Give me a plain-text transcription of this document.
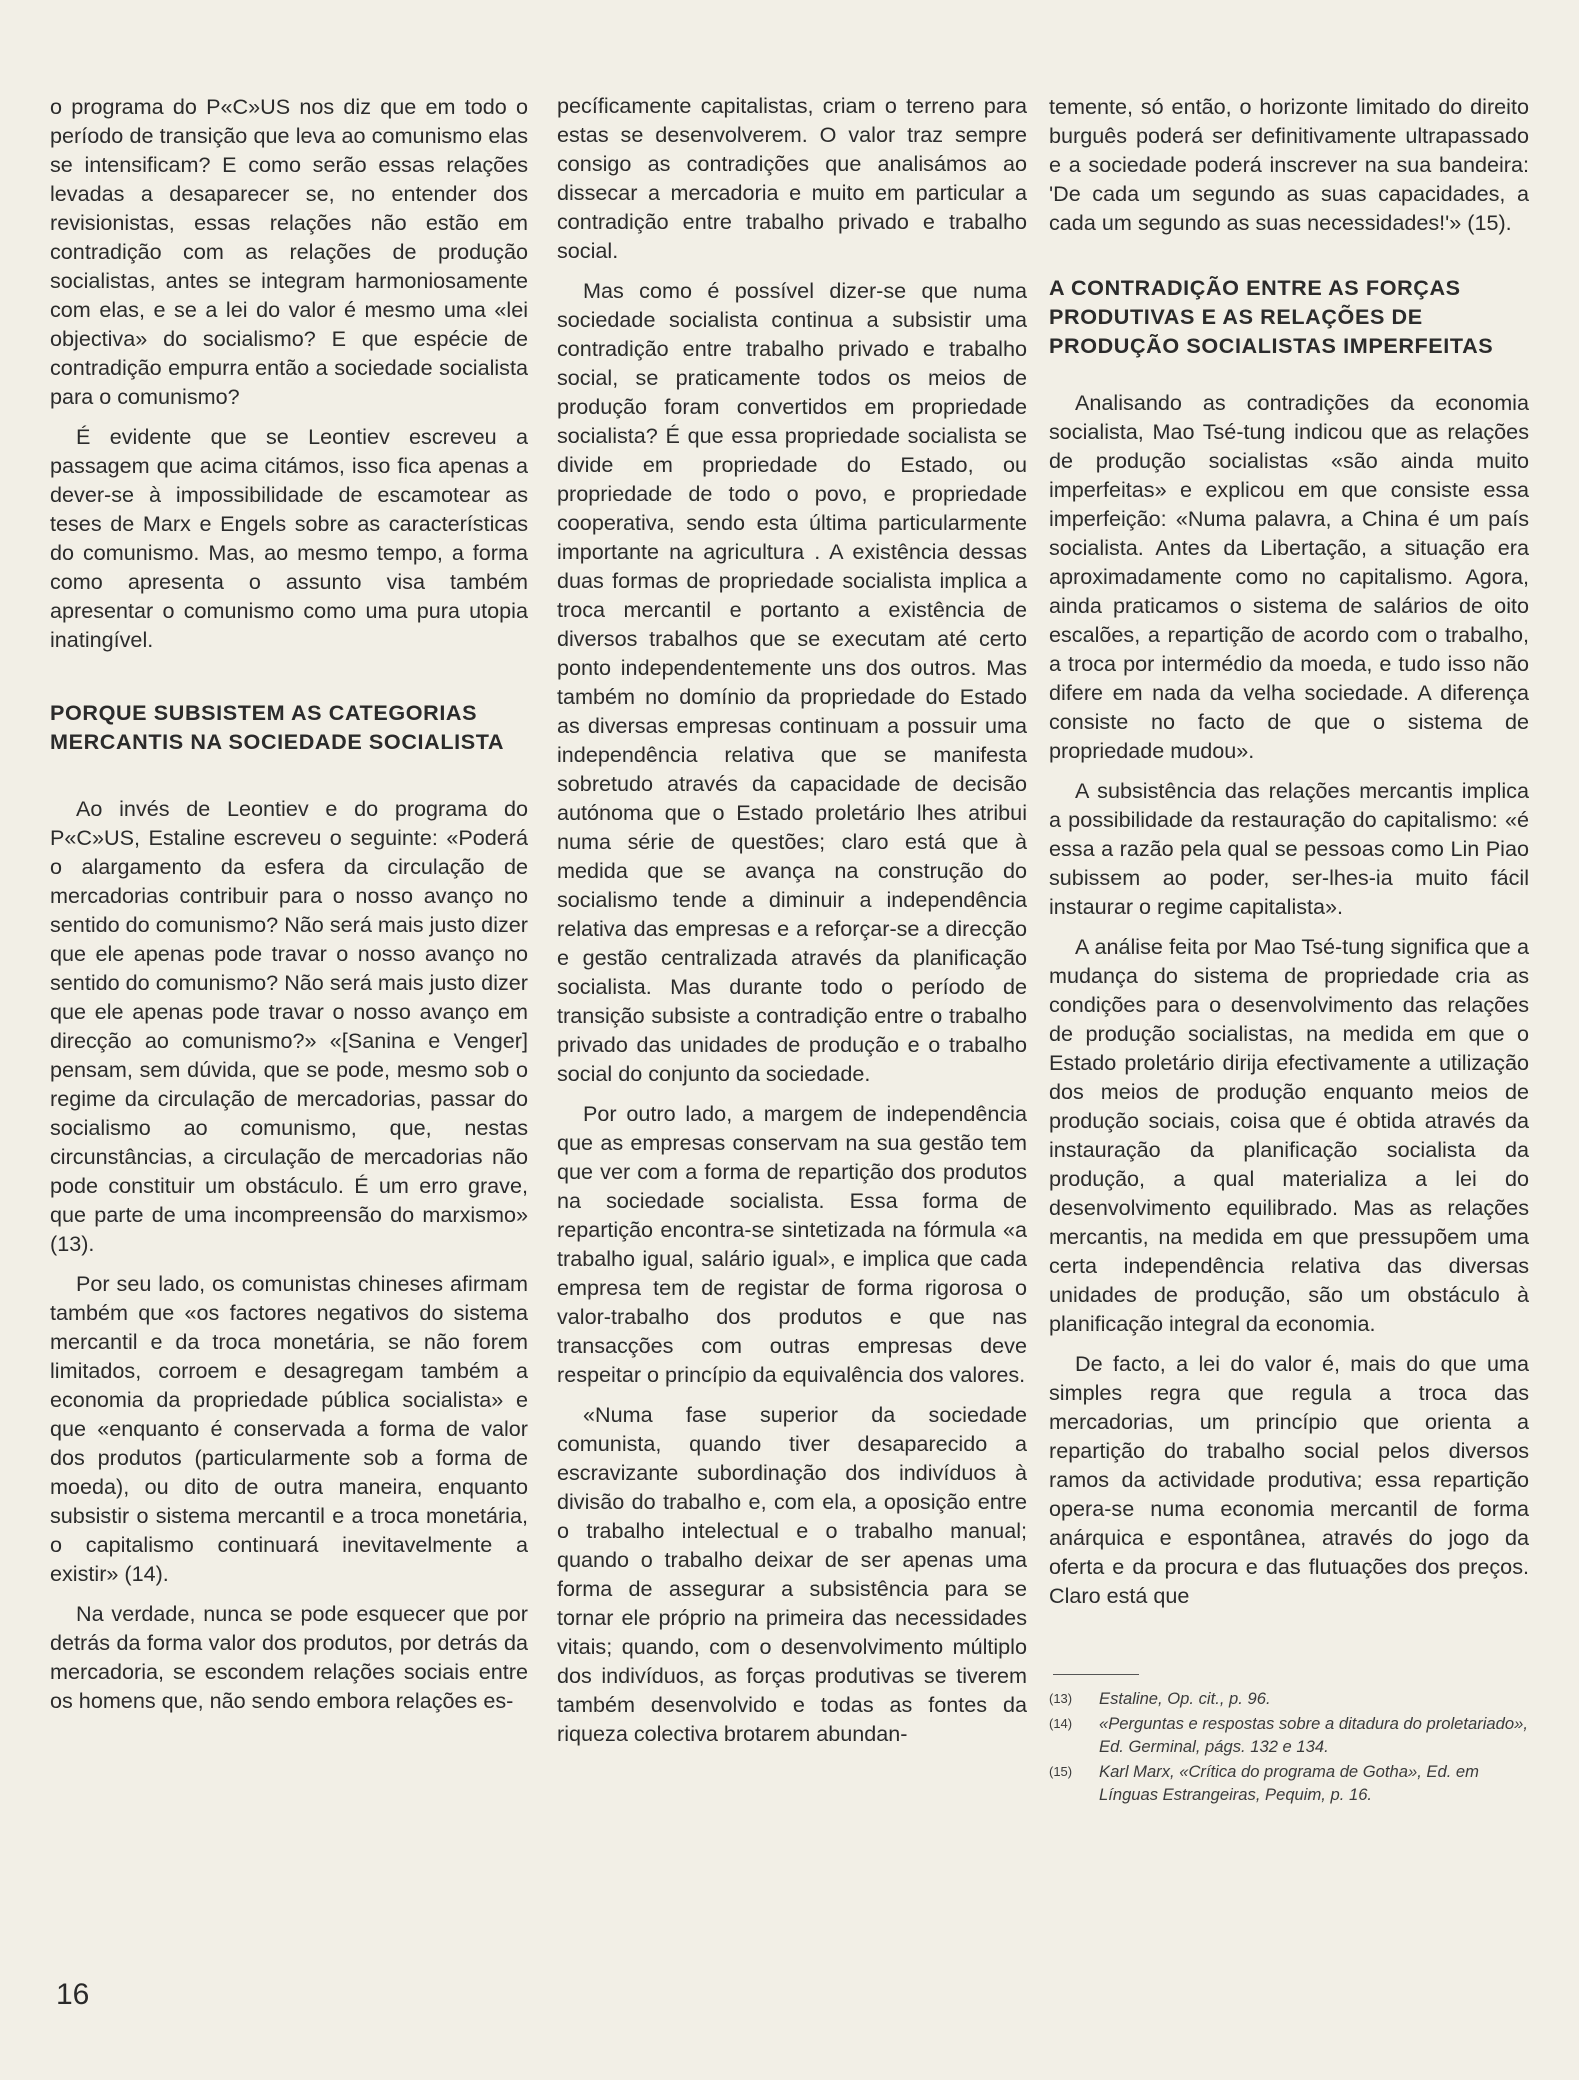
o programa do P«C»US nos diz que em todo o período de transição que leva ao comunismo elas se intensificam? E como serão essas relações levadas a desaparecer se, no entender dos revisionistas, essas relações não estão em contradição com as relações de produção socialistas, antes se integram harmoniosamente com elas, e se a lei do valor é mesmo uma «lei objectiva» do socialismo? E que espécie de contradição empurra então a sociedade socialista para o comunismo?

É evidente que se Leontiev escreveu a passagem que acima citámos, isso fica apenas a dever-se à impossibilidade de escamotear as teses de Marx e Engels sobre as características do comunismo. Mas, ao mesmo tempo, a forma como apresenta o assunto visa também apresentar o comunismo como uma pura utopia inatingível.

PORQUE SUBSISTEM AS CATEGORIAS MERCANTIS NA SOCIEDADE SOCIALISTA

Ao invés de Leontiev e do programa do P«C»US, Estaline escreveu o seguinte: «Poderá o alargamento da esfera da circulação de mercadorias contribuir para o nosso avanço no sentido do comunismo? Não será mais justo dizer que ele apenas pode travar o nosso avanço no sentido do comunismo? Não será mais justo dizer que ele apenas pode travar o nosso avanço em direcção ao comunismo?» «[Sanina e Venger] pensam, sem dúvida, que se pode, mesmo sob o regime da circulação de mercadorias, passar do socialismo ao comunismo, que, nestas circunstâncias, a circulação de mercadorias não pode constituir um obstáculo. É um erro grave, que parte de uma incompreensão do marxismo» (13).

Por seu lado, os comunistas chineses afirmam também que «os factores negativos do sistema mercantil e da troca monetária, se não forem limitados, corroem e desagregam também a economia da propriedade pública socialista» e que «enquanto é conservada a forma de valor dos produtos (particularmente sob a forma de moeda), ou dito de outra maneira, enquanto subsistir o sistema mercantil e a troca monetária, o capitalismo continuará inevitavelmente a existir» (14).

Na verdade, nunca se pode esquecer que por detrás da forma valor dos produtos, por detrás da mercadoria, se escondem relações sociais entre os homens que, não sendo embora relações es-

pecíficamente capitalistas, criam o terreno para estas se desenvolverem. O valor traz sempre consigo as contradições que analisámos ao dissecar a mercadoria e muito em particular a contradição entre trabalho privado e trabalho social.

Mas como é possível dizer-se que numa sociedade socialista continua a subsistir uma contradição entre trabalho privado e trabalho social, se praticamente todos os meios de produção foram convertidos em propriedade socialista? É que essa propriedade socialista se divide em propriedade do Estado, ou propriedade de todo o povo, e propriedade cooperativa, sendo esta última particularmente importante na agricultura . A existência dessas duas formas de propriedade socialista implica a troca mercantil e portanto a existência de diversos trabalhos que se executam até certo ponto independentemente uns dos outros. Mas também no domínio da propriedade do Estado as diversas empresas continuam a possuir uma independência relativa que se manifesta sobretudo através da capacidade de decisão autónoma que o Estado proletário lhes atribui numa série de questões; claro está que à medida que se avança na construção do socialismo tende a diminuir a independência relativa das empresas e a reforçar-se a direcção e gestão centralizada através da planificação socialista. Mas durante todo o período de transição subsiste a contradição entre o trabalho privado das unidades de produção e o trabalho social do conjunto da sociedade.

Por outro lado, a margem de independência que as empresas conservam na sua gestão tem que ver com a forma de repartição dos produtos na sociedade socialista. Essa forma de repartição encontra-se sintetizada na fórmula «a trabalho igual, salário igual», e implica que cada empresa tem de registar de forma rigorosa o valor-trabalho dos produtos e que nas transacções com outras empresas deve respeitar o princípio da equivalência dos valores.

«Numa fase superior da sociedade comunista, quando tiver desaparecido a escravizante subordinação dos indivíduos à divisão do trabalho e, com ela, a oposição entre o trabalho intelectual e o trabalho manual; quando o trabalho deixar de ser apenas uma forma de assegurar a subsistência para se tornar ele próprio na primeira das necessidades vitais; quando, com o desenvolvimento múltiplo dos indivíduos, as forças produtivas se tiverem também desenvolvido e todas as fontes da riqueza colectiva brotarem abundan-

temente, só então, o horizonte limitado do direito burguês poderá ser definitivamente ultrapassado e a sociedade poderá inscrever na sua bandeira: 'De cada um segundo as suas capacidades, a cada um segundo as suas necessidades!'» (15).

A CONTRADIÇÃO ENTRE AS FORÇAS PRODUTIVAS E AS RELAÇÕES DE PRODUÇÃO SOCIALISTAS IMPERFEITAS

Analisando as contradições da economia socialista, Mao Tsé-tung indicou que as relações de produção socialistas «são ainda muito imperfeitas» e explicou em que consiste essa imperfeição: «Numa palavra, a China é um país socialista. Antes da Libertação, a situação era aproximadamente como no capitalismo. Agora, ainda praticamos o sistema de salários de oito escalões, a repartição de acordo com o trabalho, a troca por intermédio da moeda, e tudo isso não difere em nada da velha sociedade. A diferença consiste no facto de que o sistema de propriedade mudou».

A subsistência das relações mercantis implica a possibilidade da restauração do capitalismo: «é essa a razão pela qual se pessoas como Lin Piao subissem ao poder, ser-lhes-ia muito fácil instaurar o regime capitalista».

A análise feita por Mao Tsé-tung significa que a mudança do sistema de propriedade cria as condições para o desenvolvimento das relações de produção socialistas, na medida em que o Estado proletário dirija efectivamente a utilização dos meios de produção enquanto meios de produção sociais, coisa que é obtida através da instauração da planificação socialista da produção, a qual materializa a lei do desenvolvimento equilibrado. Mas as relações mercantis, na medida em que pressupõem uma certa independência relativa das diversas unidades de produção, são um obstáculo à planificação integral da economia.

De facto, a lei do valor é, mais do que uma simples regra que regula a troca das mercadorias, um princípio que orienta a repartição do trabalho social pelos diversos ramos da actividade produtiva; essa repartição opera-se numa economia mercantil de forma anárquica e espontânea, através do jogo da oferta e da procura e das flutuações dos preços. Claro está que

(13)	Estaline, Op. cit., p. 96.
(14)	«Perguntas e respostas sobre a ditadura do proletariado», Ed. Germinal, págs. 132 e 134.
(15)	Karl Marx, «Crítica do programa de Gotha», Ed. em Línguas Estrangeiras, Pequim, p. 16.
16
